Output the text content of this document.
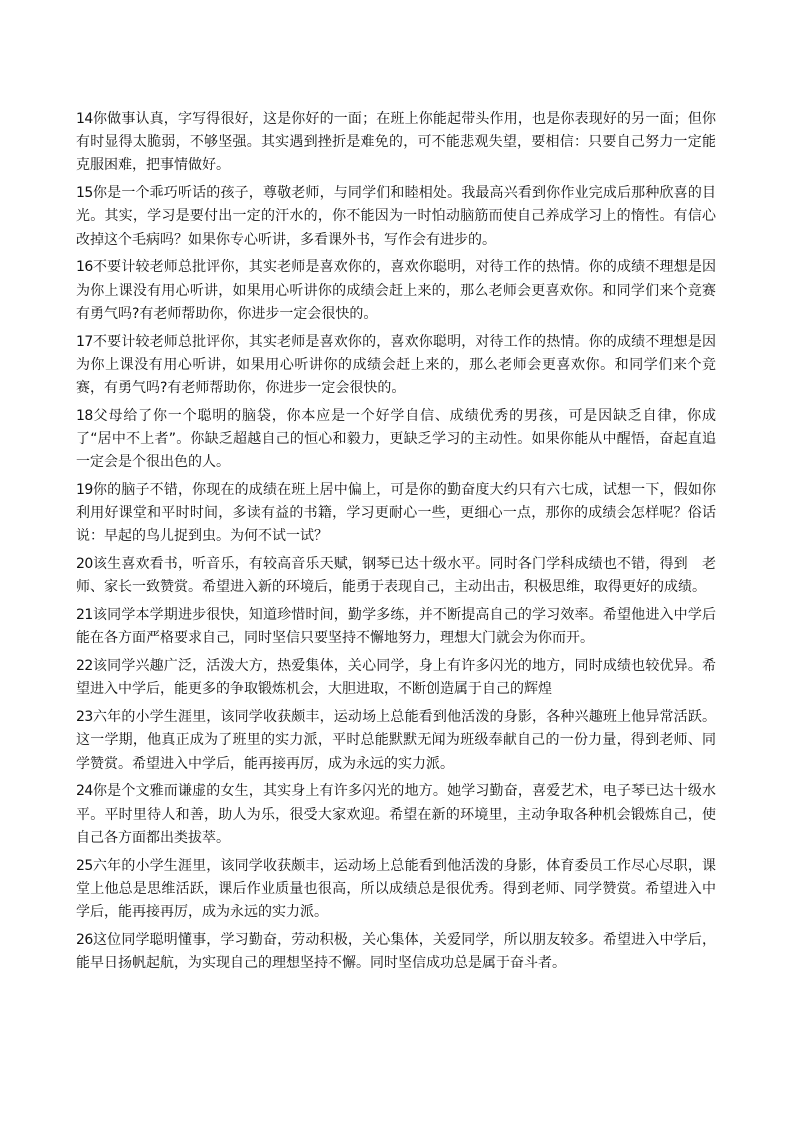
14你做事认真，字写得很好，这是你好的一面；在班上你能起带头作用，也是你表现好的另一面；但你有时显得太脆弱，不够坚强。其实遇到挫折是难免的，可不能悲观失望，要相信：只要自己努力一定能克服困难，把事情做好。

15你是一个乖巧听话的孩子，尊敬老师，与同学们和睦相处。我最高兴看到你作业完成后那种欣喜的目光。其实，学习是要付出一定的汗水的，你不能因为一时怕动脑筋而使自己养成学习上的惰性。有信心改掉这个毛病吗？如果你专心听讲，多看课外书，写作会有进步的。

16不要计较老师总批评你，其实老师是喜欢你的，喜欢你聪明，对待工作的热情。你的成绩不理想是因为你上课没有用心听讲，如果用心听讲你的成绩会赶上来的，那么老师会更喜欢你。和同学们来个竞赛有勇气吗?有老师帮助你，你进步一定会很快的。

17不要计较老师总批评你，其实老师是喜欢你的，喜欢你聪明，对待工作的热情。你的成绩不理想是因为你上课没有用心听讲，如果用心听讲你的成绩会赶上来的，那么老师会更喜欢你。和同学们来个竞赛，有勇气吗?有老师帮助你，你进步一定会很快的。

18父母给了你一个聪明的脑袋，你本应是一个好学自信、成绩优秀的男孩，可是因缺乏自律，你成了“居中不上者”。你缺乏超越自己的恒心和毅力，更缺乏学习的主动性。如果你能从中醒悟，奋起直追一定会是个很出色的人。

19你的脑子不错，你现在的成绩在班上居中偏上，可是你的勤奋度大约只有六七成，试想一下，假如你利用好课堂和平时时间，多读有益的书籍，学习更耐心一些，更细心一点，那你的成绩会怎样呢？俗话说：早起的鸟儿捉到虫。为何不试一试？

20该生喜欢看书，听音乐，有较高音乐天赋，钢琴已达十级水平。同时各门学科成绩也不错，得到　老师、家长一致赞赏。希望进入新的环境后，能勇于表现自己，主动出击，积极思维，取得更好的成绩。

21该同学本学期进步很快，知道珍惜时间，勤学多练，并不断提高自己的学习效率。希望他进入中学后能在各方面严格要求自己，同时坚信只要坚持不懈地努力，理想大门就会为你而开。

22该同学兴趣广泛，活泼大方，热爱集体，关心同学，身上有许多闪光的地方，同时成绩也较优异。希望进入中学后，能更多的争取锻炼机会，大胆进取，不断创造属于自己的辉煌

23六年的小学生涯里，该同学收获颇丰，运动场上总能看到他活泼的身影，各种兴趣班上他异常活跃。这一学期，他真正成为了班里的实力派，平时总能默默无闻为班级奉献自己的一份力量，得到老师、同学赞赏。希望进入中学后，能再接再厉，成为永远的实力派。

24你是个文雅而谦虚的女生，其实身上有许多闪光的地方。她学习勤奋，喜爱艺术，电子琴已达十级水平。平时里待人和善，助人为乐，很受大家欢迎。希望在新的环境里，主动争取各种机会锻炼自己，使自己各方面都出类拔萃。

25六年的小学生涯里，该同学收获颇丰，运动场上总能看到他活泼的身影，体育委员工作尽心尽职，课堂上他总是思维活跃，课后作业质量也很高，所以成绩总是很优秀。得到老师、同学赞赏。希望进入中学后，能再接再厉，成为永远的实力派。

26这位同学聪明懂事，学习勤奋，劳动积极，关心集体，关爱同学，所以朋友较多。希望进入中学后，能早日扬帆起航，为实现自己的理想坚持不懈。同时坚信成功总是属于奋斗者。
